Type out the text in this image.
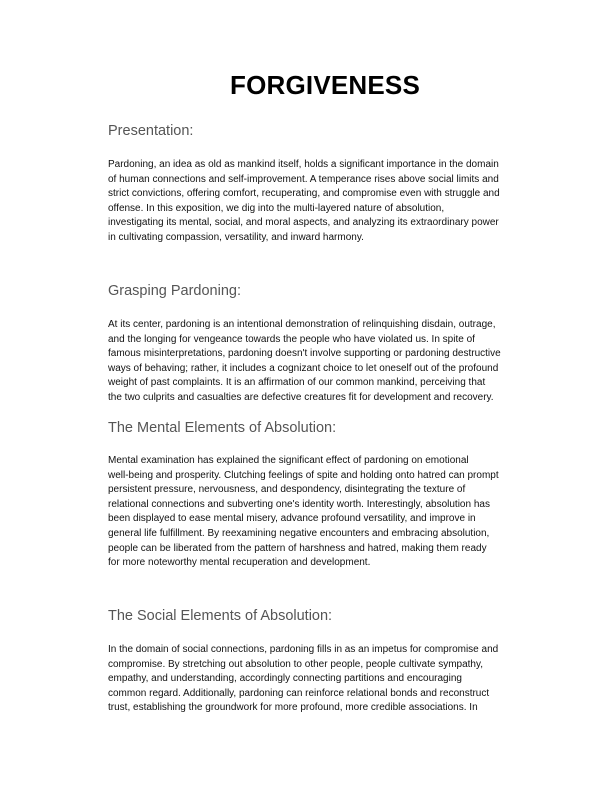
FORGIVENESS
Presentation:
Pardoning, an idea as old as mankind itself, holds a significant importance in the domain
of human connections and self-improvement. A temperance rises above social limits and
strict convictions, offering comfort, recuperating, and compromise even with struggle and
offense. In this exposition, we dig into the multi-layered nature of absolution,
investigating its mental, social, and moral aspects, and analyzing its extraordinary power
in cultivating compassion, versatility, and inward harmony.
Grasping Pardoning:
At its center, pardoning is an intentional demonstration of relinquishing disdain, outrage,
and the longing for vengeance towards the people who have violated us. In spite of
famous misinterpretations, pardoning doesn't involve supporting or pardoning destructive
ways of behaving; rather, it includes a cognizant choice to let oneself out of the profound
weight of past complaints. It is an affirmation of our common mankind, perceiving that
the two culprits and casualties are defective creatures fit for development and recovery.
The Mental Elements of Absolution:
Mental examination has explained the significant effect of pardoning on emotional
well-being and prosperity. Clutching feelings of spite and holding onto hatred can prompt
persistent pressure, nervousness, and despondency, disintegrating the texture of
relational connections and subverting one's identity worth. Interestingly, absolution has
been displayed to ease mental misery, advance profound versatility, and improve in
general life fulfillment. By reexamining negative encounters and embracing absolution,
people can be liberated from the pattern of harshness and hatred, making them ready
for more noteworthy mental recuperation and development.
The Social Elements of Absolution:
In the domain of social connections, pardoning fills in as an impetus for compromise and
compromise. By stretching out absolution to other people, people cultivate sympathy,
empathy, and understanding, accordingly connecting partitions and encouraging
common regard. Additionally, pardoning can reinforce relational bonds and reconstruct
trust, establishing the groundwork for more profound, more credible associations. In
